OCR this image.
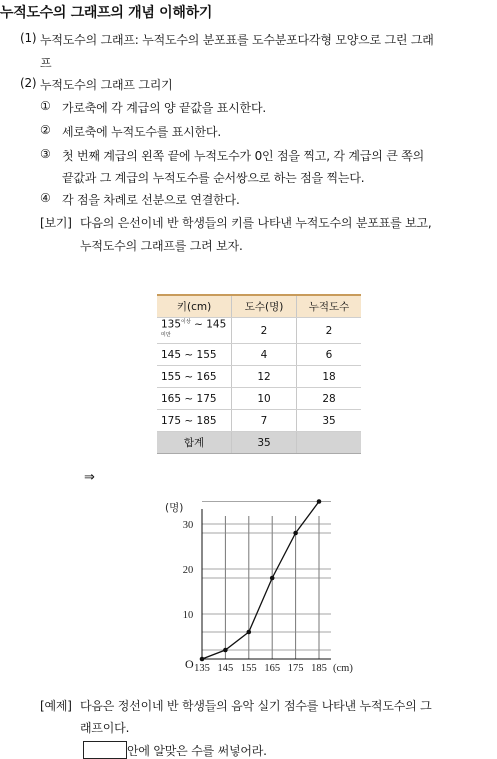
누적도수의 그래프의 개념 이해하기
(1) 누적도수의 그래프: 누적도수의 분포표를 도수분포다각형 모양으로 그린 그래
프
(2) 누적도수의 그래프 그리기
① 가로축에 각 계급의 양 끝값을 표시한다.
② 세로축에 누적도수를 표시한다.
③ 첫 번째 계급의 왼쪽 끝에 누적도수가 0인 점을 찍고, 각 계급의 큰 쪽의
끝값과 그 계급의 누적도수를 순서쌍으로 하는 점을 찍는다.
④ 각 점을 차례로 선분으로 연결한다.
[보기] 다음의 은선이네 반 학생들의 키를 나타낸 누적도수의 분포표를 보고,
누적도수의 그래프를 그려 보자.
키(cm)	도수(명)	누적도수
$135^{이상}$ ~ $145^{미만}$	2	2
145 ~ 155	4	6
155 ~ 165	12	18
165 ~ 175	10	28
175 ~ 185	7	35
합계	35	
⇒
135 145 155 165 175 185
10
20
30
O
(명)
(cm)
[예제] 다음은 정선이네 반 학생들의 음악 실기 점수를 나타낸 누적도수의 그
래프이다.
안에 알맞은 수를 써넣어라.
